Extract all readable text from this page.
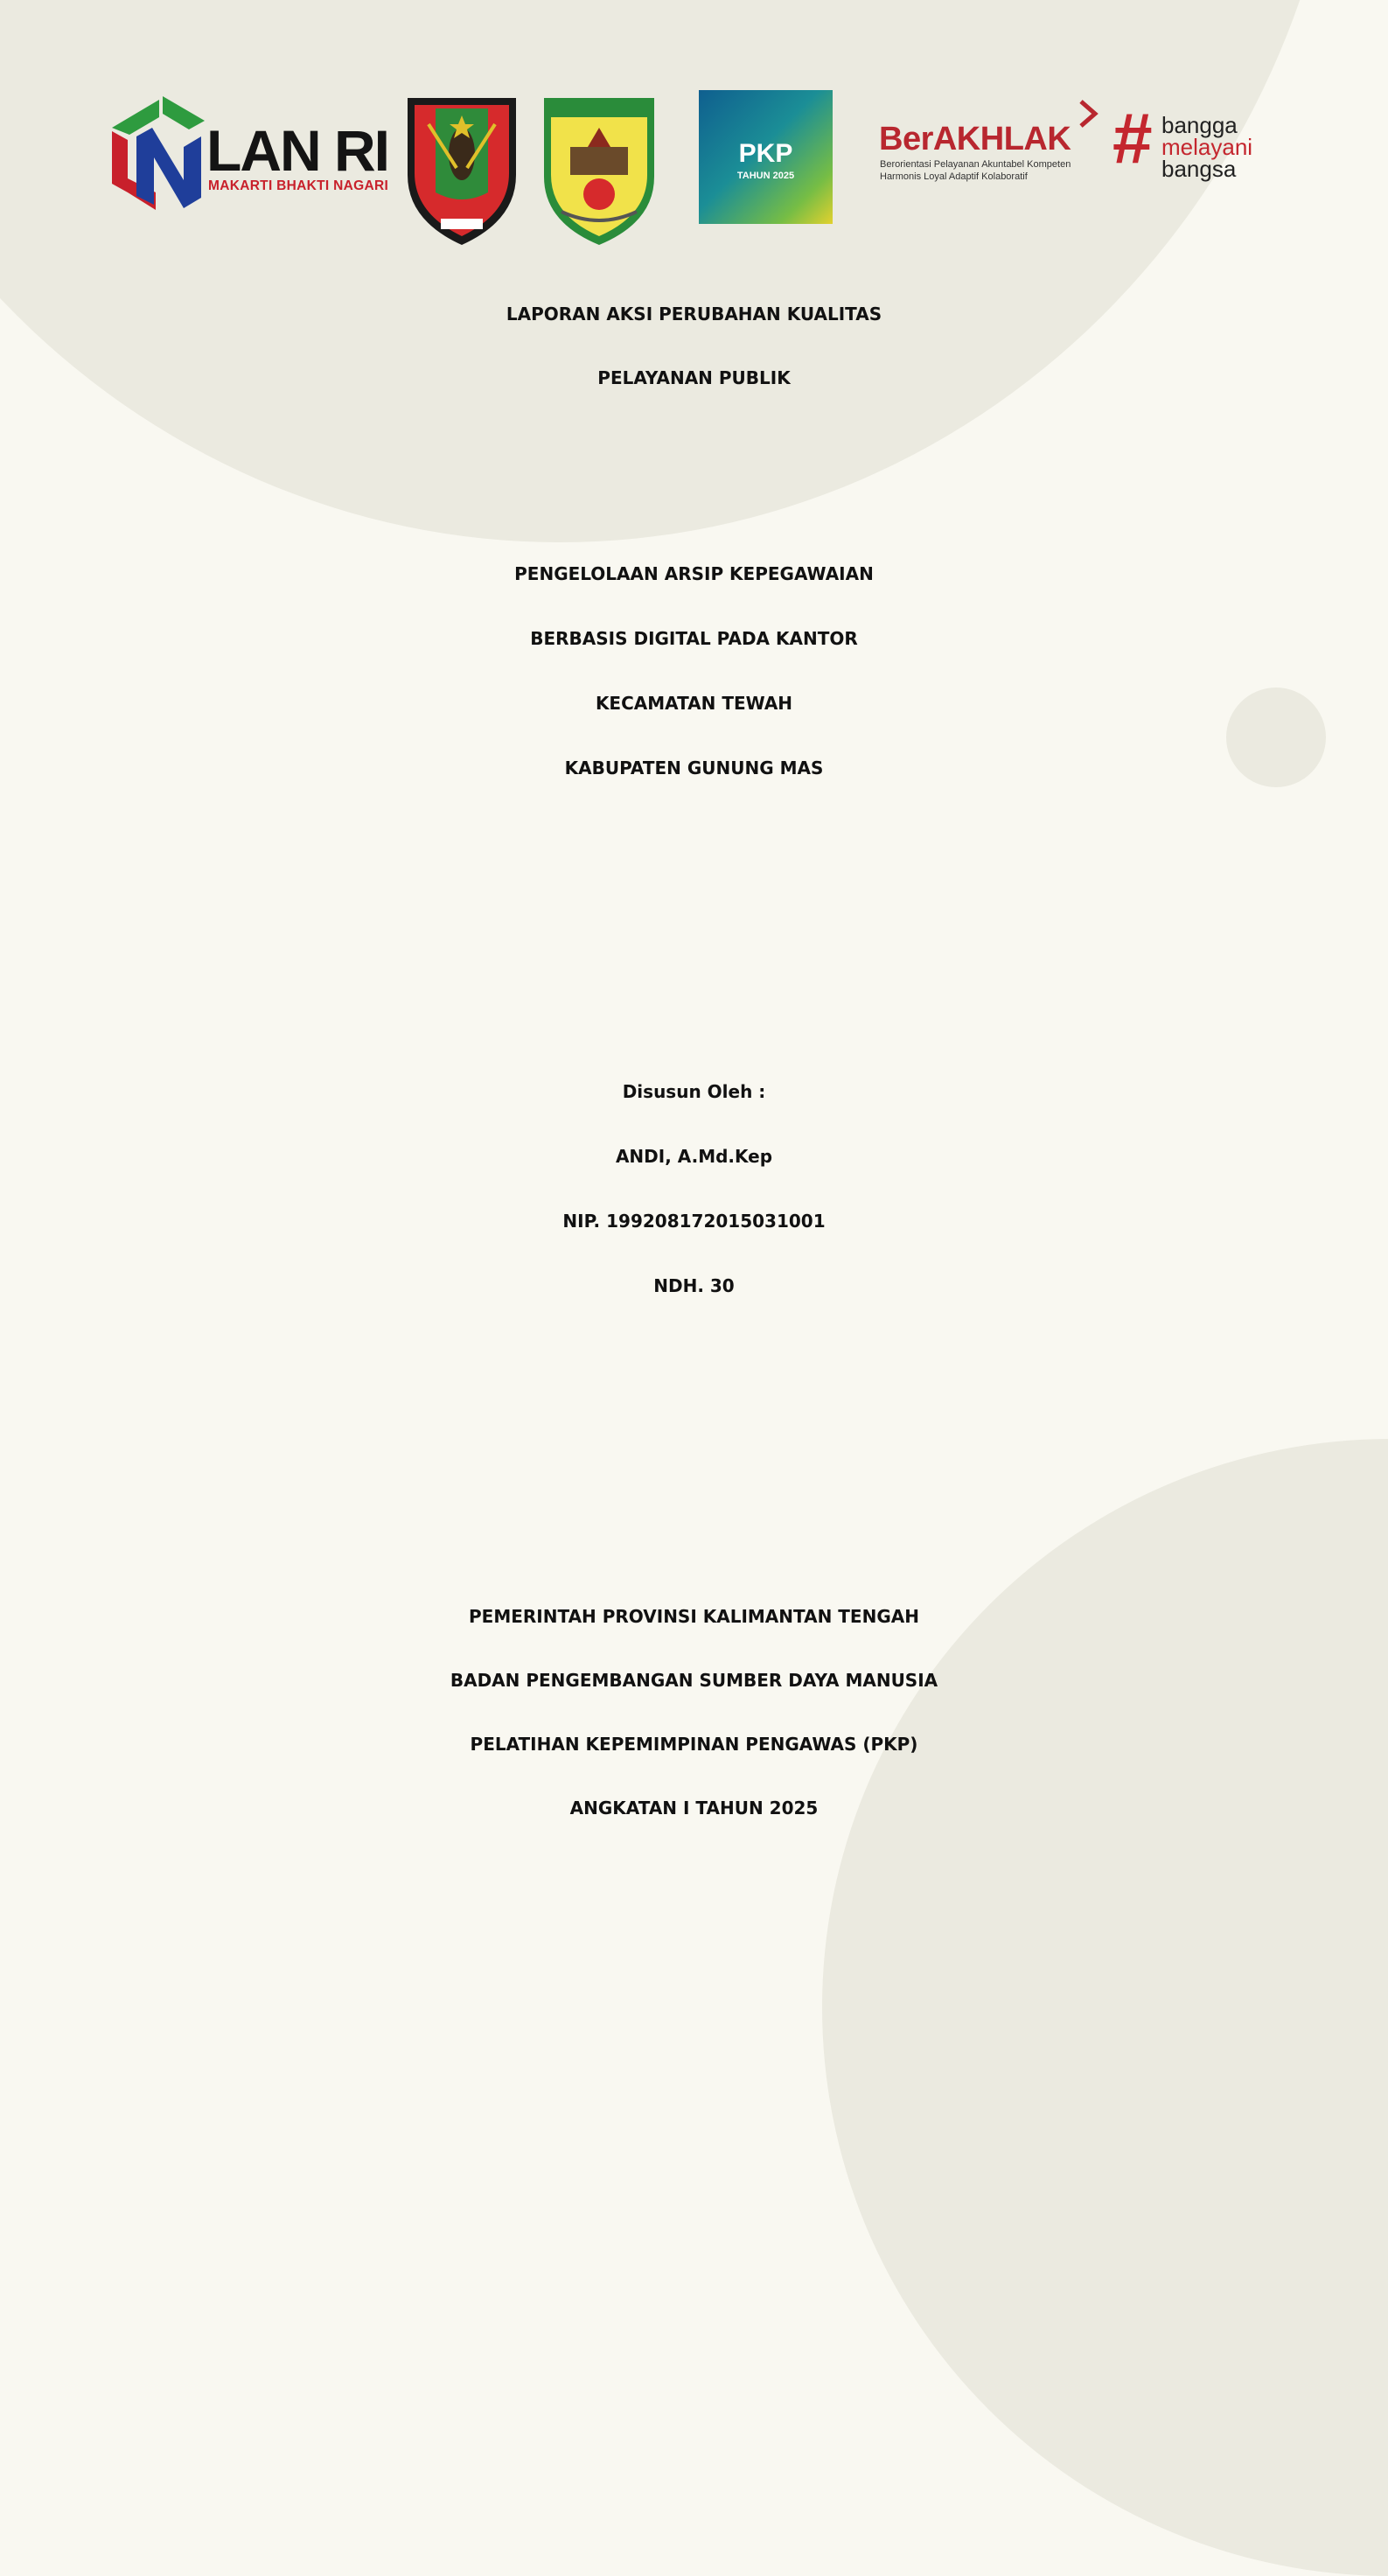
LAN RI
MAKARTI BHAKTI NAGARI
PKP
TAHUN 2025
BerAKHLAK
Berorientasi Pelayanan Akuntabel Kompeten
Harmonis Loyal Adaptif Kolaboratif # bangga
melayani
bangsa
LAPORAN AKSI PERUBAHAN KUALITAS
PELAYANAN PUBLIK
PENGELOLAAN ARSIP KEPEGAWAIAN
BERBASIS DIGITAL PADA KANTOR
KECAMATAN TEWAH
KABUPATEN GUNUNG MAS
Disusun Oleh :
ANDI, A.Md.Kep
NIP. 199208172015031001
NDH. 30
PEMERINTAH PROVINSI KALIMANTAN TENGAH
BADAN PENGEMBANGAN SUMBER DAYA MANUSIA
PELATIHAN KEPEMIMPINAN PENGAWAS (PKP)
ANGKATAN I TAHUN 2025
